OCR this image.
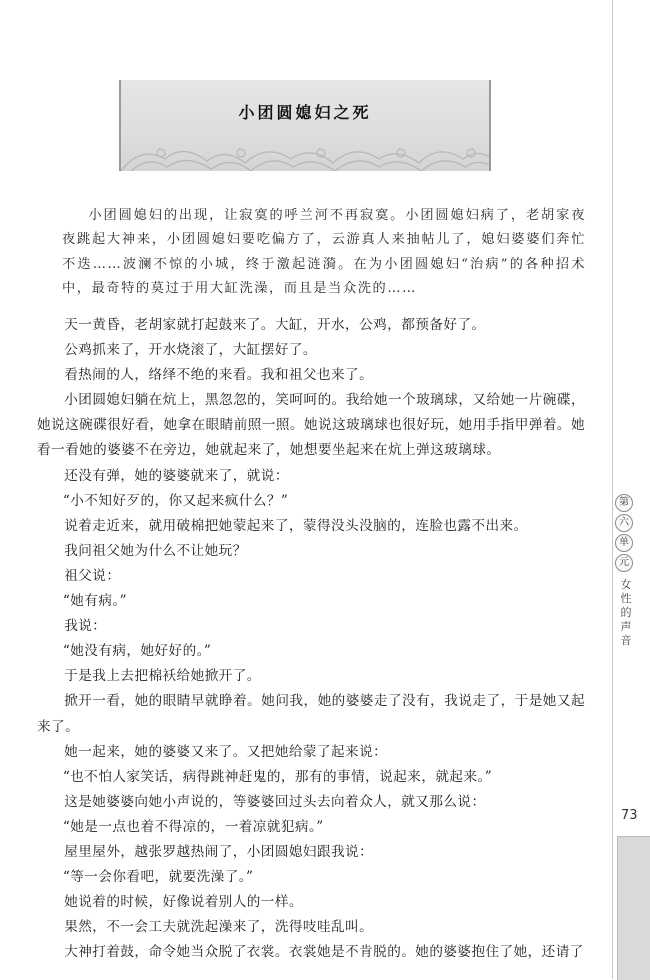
小团圆媳妇之死

小团圆媳妇的出现，让寂寞的呼兰河不再寂寞。小团圆媳妇病了，老胡家夜夜跳起大神来，小团圆媳妇要吃偏方了，云游真人来抽帖儿了，媳妇婆婆们奔忙不迭……波澜不惊的小城，终于激起涟漪。在为小团圆媳妇“治病”的各种招术中，最奇特的莫过于用大缸洗澡，而且是当众洗的……

天一黄昏，老胡家就打起鼓来了。大缸，开水，公鸡，都预备好了。

公鸡抓来了，开水烧滚了，大缸摆好了。

看热闹的人，络绎不绝的来看。我和祖父也来了。

小团圆媳妇躺在炕上，黑忽忽的，笑呵呵的。我给她一个玻璃球，又给她一片碗碟，她说这碗碟很好看，她拿在眼睛前照一照。她说这玻璃球也很好玩，她用手指甲弹着。她看一看她的婆婆不在旁边，她就起来了，她想要坐起来在炕上弹这玻璃球。

还没有弹，她的婆婆就来了，就说：

“小不知好歹的，你又起来疯什么？”

说着走近来，就用破棉把她蒙起来了，蒙得没头没脑的，连脸也露不出来。

我问祖父她为什么不让她玩？

祖父说：

“她有病。”

我说：

“她没有病，她好好的。”

于是我上去把棉袄给她掀开了。

掀开一看，她的眼睛早就睁着。她问我，她的婆婆走了没有，我说走了，于是她又起来了。

她一起来，她的婆婆又来了。又把她给蒙了起来说：

“也不怕人家笑话，病得跳神赶鬼的，那有的事情，说起来，就起来。”

这是她婆婆向她小声说的，等婆婆回过头去向着众人，就又那么说：

“她是一点也着不得凉的，一着凉就犯病。”

屋里屋外，越张罗越热闹了，小团圆媳妇跟我说：

“等一会你看吧，就要洗澡了。”

她说着的时候，好像说着别人的一样。

果然，不一会工夫就洗起澡来了，洗得吱哇乱叫。

大神打着鼓，命令她当众脱了衣裳。衣裳她是不肯脱的。她的婆婆抱住了她，还请了

第
六
单
元
女
性
的
声
音
73
